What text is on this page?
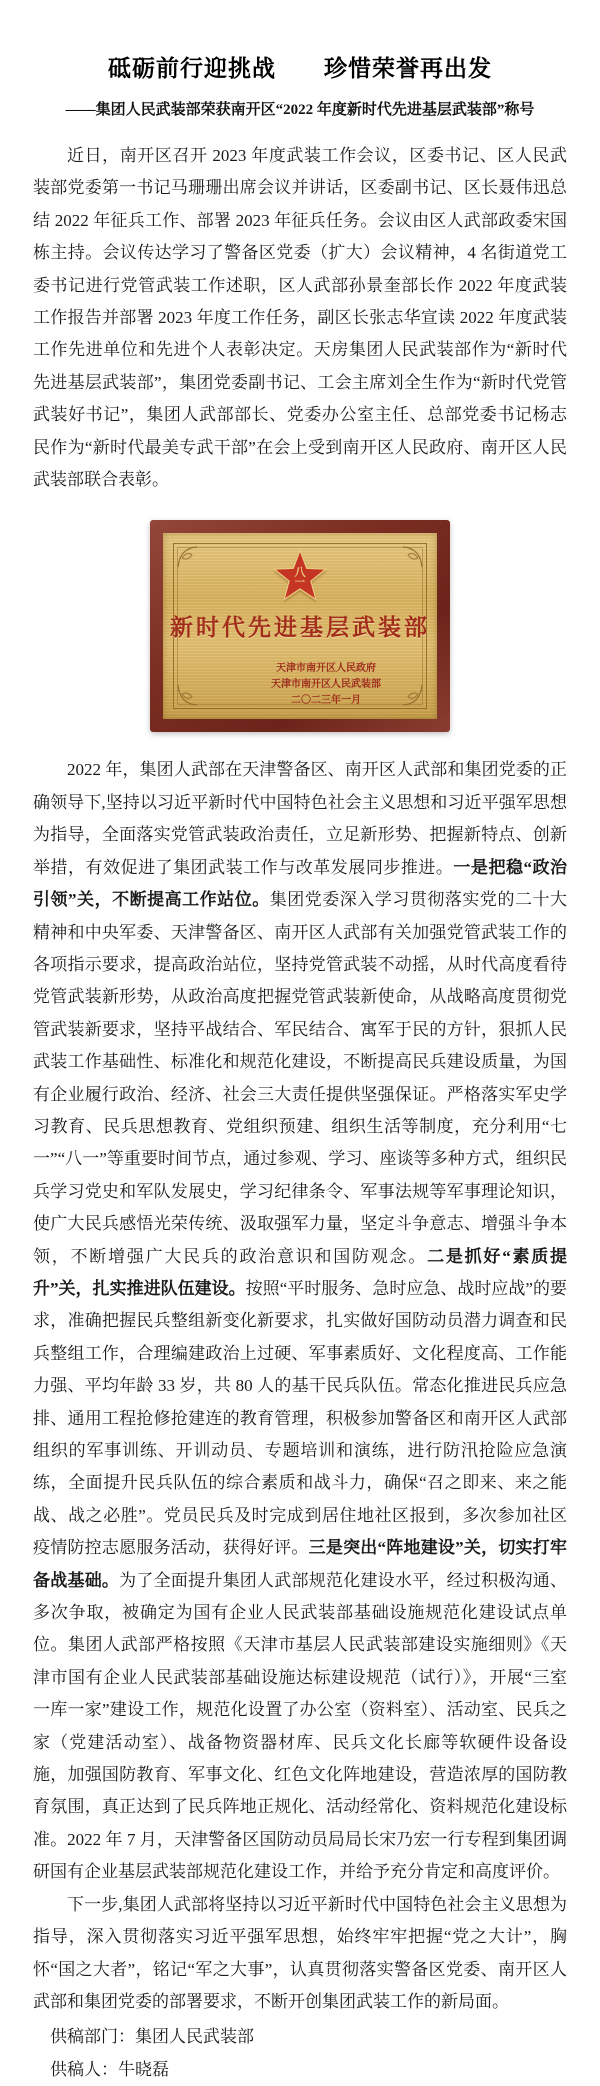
砥砺前行迎挑战　　珍惜荣誉再出发
——集团人民武装部荣获南开区“2022 年度新时代先进基层武装部”称号

近日，南开区召开 2023 年度武装工作会议，区委书记、区人民武装部党委第一书记马珊珊出席会议并讲话，区委副书记、区长聂伟迅总结 2022 年征兵工作、部署 2023 年征兵任务。会议由区人武部政委宋国栋主持。会议传达学习了警备区党委（扩大）会议精神，4 名街道党工委书记进行党管武装工作述职，区人武部孙景奎部长作 2022 年度武装工作报告并部署 2023 年度工作任务，副区长张志华宣读 2022 年度武装工作先进单位和先进个人表彰决定。天房集团人民武装部作为“新时代先进基层武装部”，集团党委副书记、工会主席刘全生作为“新时代党管武装好书记”，集团人武部部长、党委办公室主任、总部党委书记杨志民作为“新时代最美专武干部”在会上受到南开区人民政府、南开区人民武装部联合表彰。

八
一
新时代先进基层武装部
天津市南开区人民政府
天津市南开区人民武装部
二〇二三年一月

2022 年，集团人武部在天津警备区、南开区人武部和集团党委的正确领导下,坚持以习近平新时代中国特色社会主义思想和习近平强军思想为指导，全面落实党管武装政治责任，立足新形势、把握新特点、创新举措，有效促进了集团武装工作与改革发展同步推进。一是把稳“政治引领”关，不断提高工作站位。集团党委深入学习贯彻落实党的二十大精神和中央军委、天津警备区、南开区人武部有关加强党管武装工作的各项指示要求，提高政治站位，坚持党管武装不动摇，从时代高度看待党管武装新形势，从政治高度把握党管武装新使命，从战略高度贯彻党管武装新要求，坚持平战结合、军民结合、寓军于民的方针，狠抓人民武装工作基础性、标准化和规范化建设，不断提高民兵建设质量，为国有企业履行政治、经济、社会三大责任提供坚强保证。严格落实军史学习教育、民兵思想教育、党组织预建、组织生活等制度，充分利用“七一”“八一”等重要时间节点，通过参观、学习、座谈等多种方式，组织民兵学习党史和军队发展史，学习纪律条令、军事法规等军事理论知识，使广大民兵感悟光荣传统、汲取强军力量，坚定斗争意志、增强斗争本领，不断增强广大民兵的政治意识和国防观念。二是抓好“素质提升”关，扎实推进队伍建设。按照“平时服务、急时应急、战时应战”的要求，准确把握民兵整组新变化新要求，扎实做好国防动员潜力调查和民兵整组工作，合理编建政治上过硬、军事素质好、文化程度高、工作能力强、平均年龄 33 岁，共 80 人的基干民兵队伍。常态化推进民兵应急排、通用工程抢修抢建连的教育管理，积极参加警备区和南开区人武部组织的军事训练、开训动员、专题培训和演练，进行防汛抢险应急演练，全面提升民兵队伍的综合素质和战斗力，确保“召之即来、来之能战、战之必胜”。党员民兵及时完成到居住地社区报到，多次参加社区疫情防控志愿服务活动，获得好评。三是突出“阵地建设”关，切实打牢备战基础。为了全面提升集团人武部规范化建设水平，经过积极沟通、多次争取，被确定为国有企业人民武装部基础设施规范化建设试点单位。集团人武部严格按照《天津市基层人民武装部建设实施细则》《天津市国有企业人民武装部基础设施达标建设规范（试行）》，开展“三室一库一家”建设工作，规范化设置了办公室（资料室）、活动室、民兵之家（党建活动室）、战备物资器材库、民兵文化长廊等软硬件设备设施，加强国防教育、军事文化、红色文化阵地建设，营造浓厚的国防教育氛围，真正达到了民兵阵地正规化、活动经常化、资料规范化建设标准。2022 年 7 月，天津警备区国防动员局局长宋乃宏一行专程到集团调研国有企业基层武装部规范化建设工作，并给予充分肯定和高度评价。

下一步,集团人武部将坚持以习近平新时代中国特色社会主义思想为指导，深入贯彻落实习近平强军思想，始终牢牢把握“党之大计”，胸怀“国之大者”，铭记“军之大事”，认真贯彻落实警备区党委、南开区人武部和集团党委的部署要求，不断开创集团武装工作的新局面。

供稿部门：集团人民武装部

供稿人：牛晓磊
